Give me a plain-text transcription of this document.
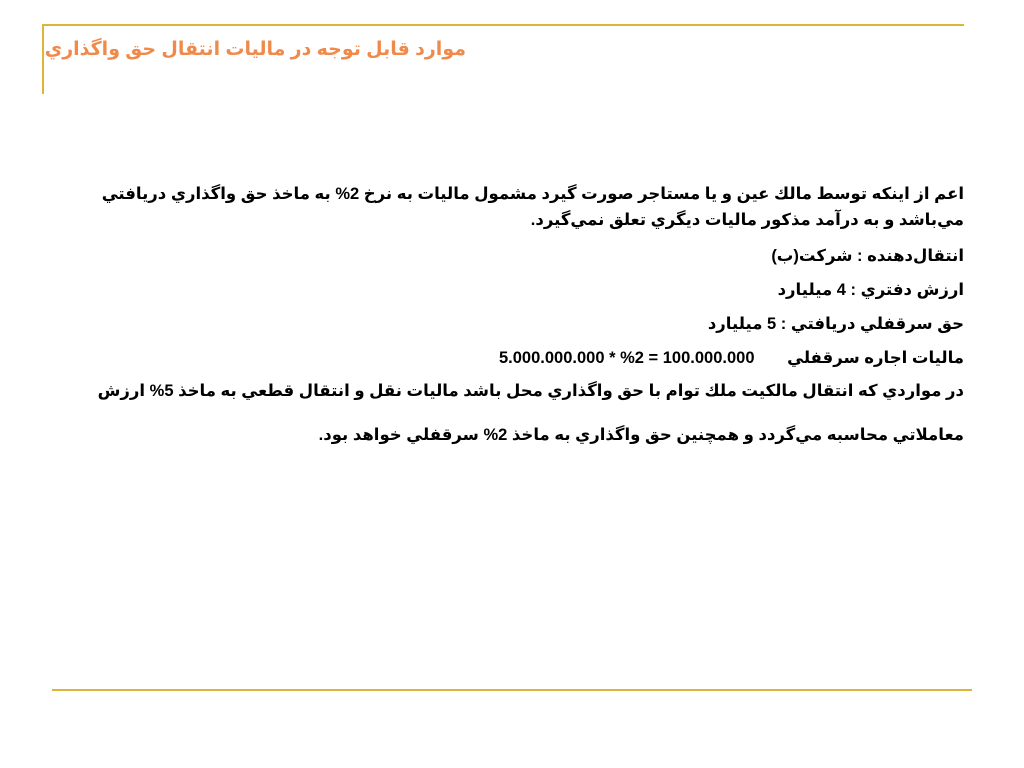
موارد قابل توجه در ماليات انتقال حق واگذاري

اعم از اينكه توسط مالك عين و يا مستاجر صورت گيرد مشمول ماليات به نرخ 2% به ماخذ حق واگذاري دريافتي مي‌باشد و به درآمد مذكور ماليات ديگري تعلق نمي‌گيرد.

انتقال‌دهنده : شركت(ب)

ارزش دفتري : 4 ميليارد

حق سرقفلي دريافتي : 5 ميليارد

ماليات اجاره سرقفلي 5.000.000.000 * %2 = 100.000.000

در مواردي كه انتقال مالكيت ملك توام با حق واگذاري محل باشد ماليات نقل و انتقال قطعي به ماخذ 5% ارزش معاملاتي محاسبه مي‌گردد و همچنين حق واگذاري به ماخذ 2% سرقفلي خواهد بود.
